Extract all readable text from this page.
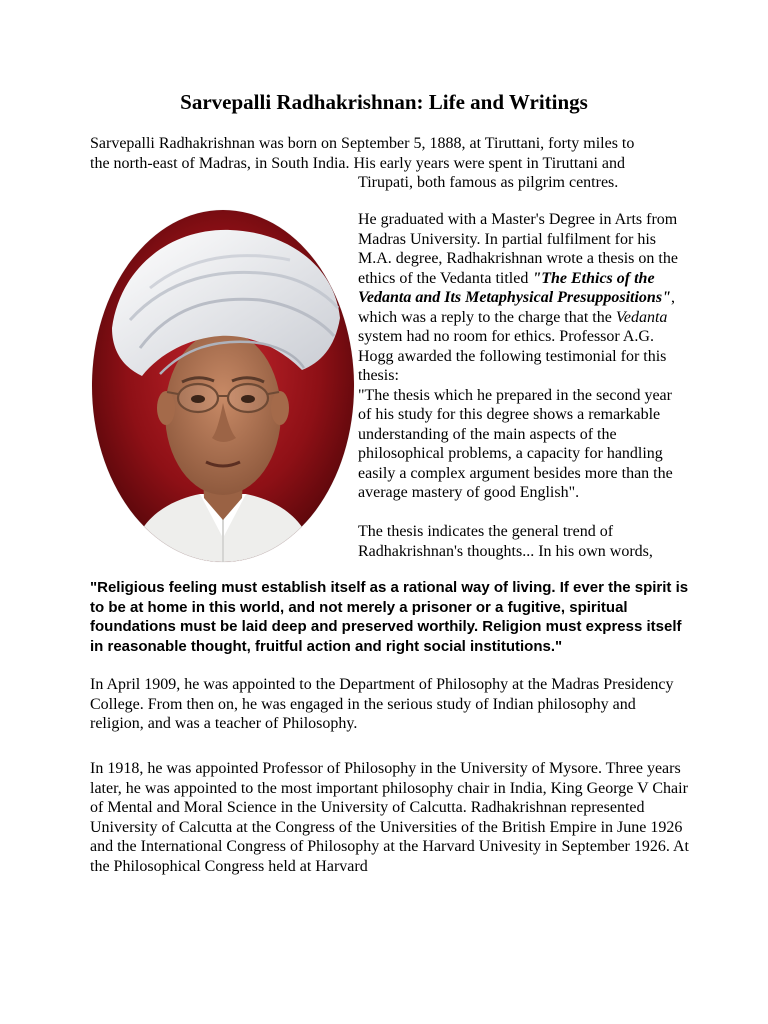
Sarvepalli Radhakrishnan: Life and Writings
Sarvepalli Radhakrishnan was born on September 5, 1888, at Tiruttani, forty miles to
the north-east of Madras, in South India. His early years were spent in Tiruttani and
Tirupati, both famous as pilgrim centres.

He graduated with a Master's Degree in Arts from Madras University. In partial fulfilment for his M.A. degree, Radhakrishnan wrote a thesis on the ethics of the Vedanta titled "The Ethics of the Vedanta and Its Metaphysical Presuppositions", which was a reply to the charge that the Vedanta system had no room for ethics. Professor A.G. Hogg awarded the following testimonial for this thesis:

"The thesis which he prepared in the second year of his study for this degree shows a remarkable understanding of the main aspects of the philosophical problems, a capacity for handling easily a complex argument besides more than the average mastery of good English".

The thesis indicates the general trend of Radhakrishnan's thoughts... In his own words,

"Religious feeling must establish itself as a rational way of living. If ever the spirit is to be at home in this world, and not merely a prisoner or a fugitive, spiritual foundations must be laid deep and preserved worthily. Religion must express itself in reasonable thought, fruitful action and right social institutions."

In April 1909, he was appointed to the Department of Philosophy at the Madras Presidency College. From then on, he was engaged in the serious study of Indian philosophy and religion, and was a teacher of Philosophy.

In 1918, he was appointed Professor of Philosophy in the University of Mysore. Three years later, he was appointed to the most important philosophy chair in India, King George V Chair of Mental and Moral Science in the University of Calcutta. Radhakrishnan represented University of Calcutta at the Congress of the Universities of the British Empire in June 1926 and the International Congress of Philosophy at the Harvard Univesity in September 1926. At the Philosophical Congress held at Harvard
